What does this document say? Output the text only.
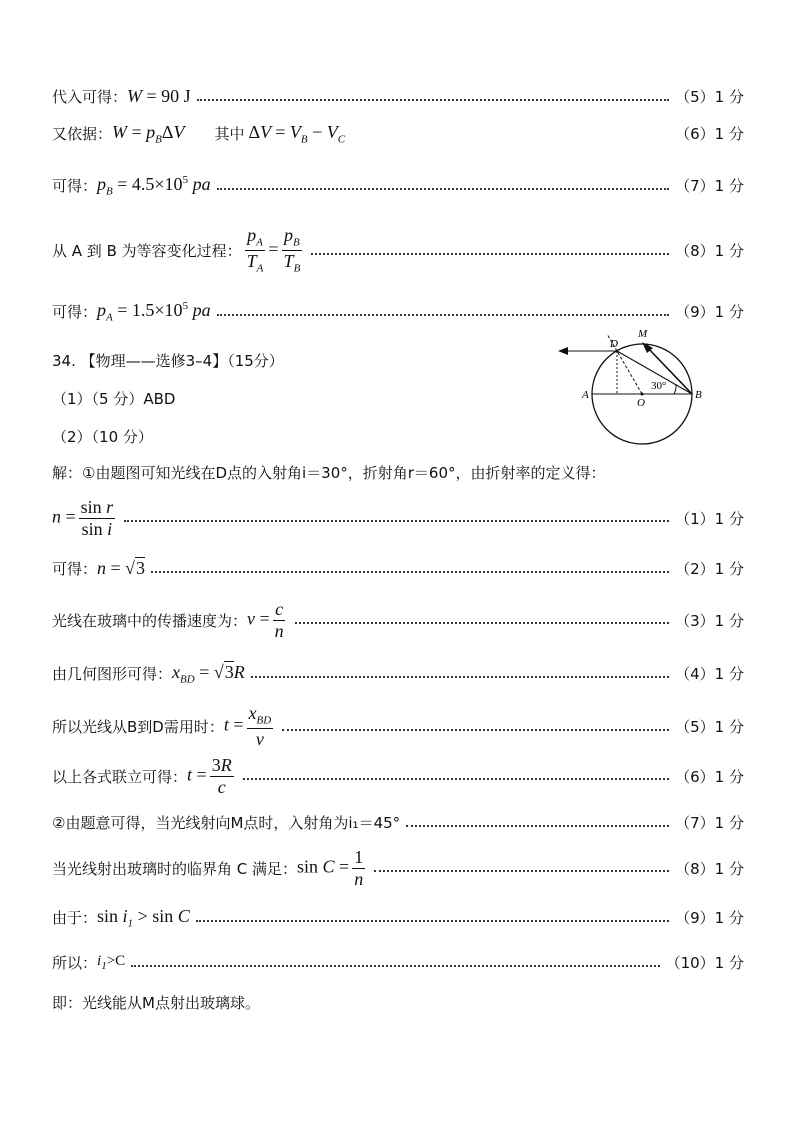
代入可得： W = 90 J	（5）1 分
又依据： $W = p_B\Delta V$ 其中 $\Delta V = V_B - V_C$	（6）1 分
可得： $p_B = 4.5\times 10^5$ pa	（7）1 分
从 A 到 B 为等容变化过程： $\frac{p_A}{T_A} = \frac{p_B}{T_B}$	（8）1 分
可得： $p_A = 1.5\times 10^5$ pa	（9）1 分
34. 【物理——选修3–4】（15分）
（1）（5 分）ABD
（2）（10 分）
A	B
O
D
M
30°
解：①由题图可知光线在D点的入射角i＝30°，折射角r＝60°，由折射率的定义得：
$n = \frac{\text{sin r}}{\text{sin i}}$	（1）1 分
可得： n = √3	（2）1 分
光线在玻璃中的传播速度为： $v = \frac{c}{n}$	（3）1 分
由几何图形可得： $x_{BD} = √3R$	（4）1 分
所以光线从B到D需用时： $t = \frac{x_{BD}}{v}$	（5）1 分
以上各式联立可得： $t = \frac{3R}{c}$	（6）1 分
②由题意可得，当光线射向M点时，入射角为i₁＝45°	（7）1 分
当光线射出玻璃时的临界角 C 满足： $\sin C = \frac{1}{n}$	（8）1 分
由于： $\sin i_1 > \sin C$	（9）1 分
所以： $i_1>C$	（10）1 分
即：光线能从M点射出玻璃球。
